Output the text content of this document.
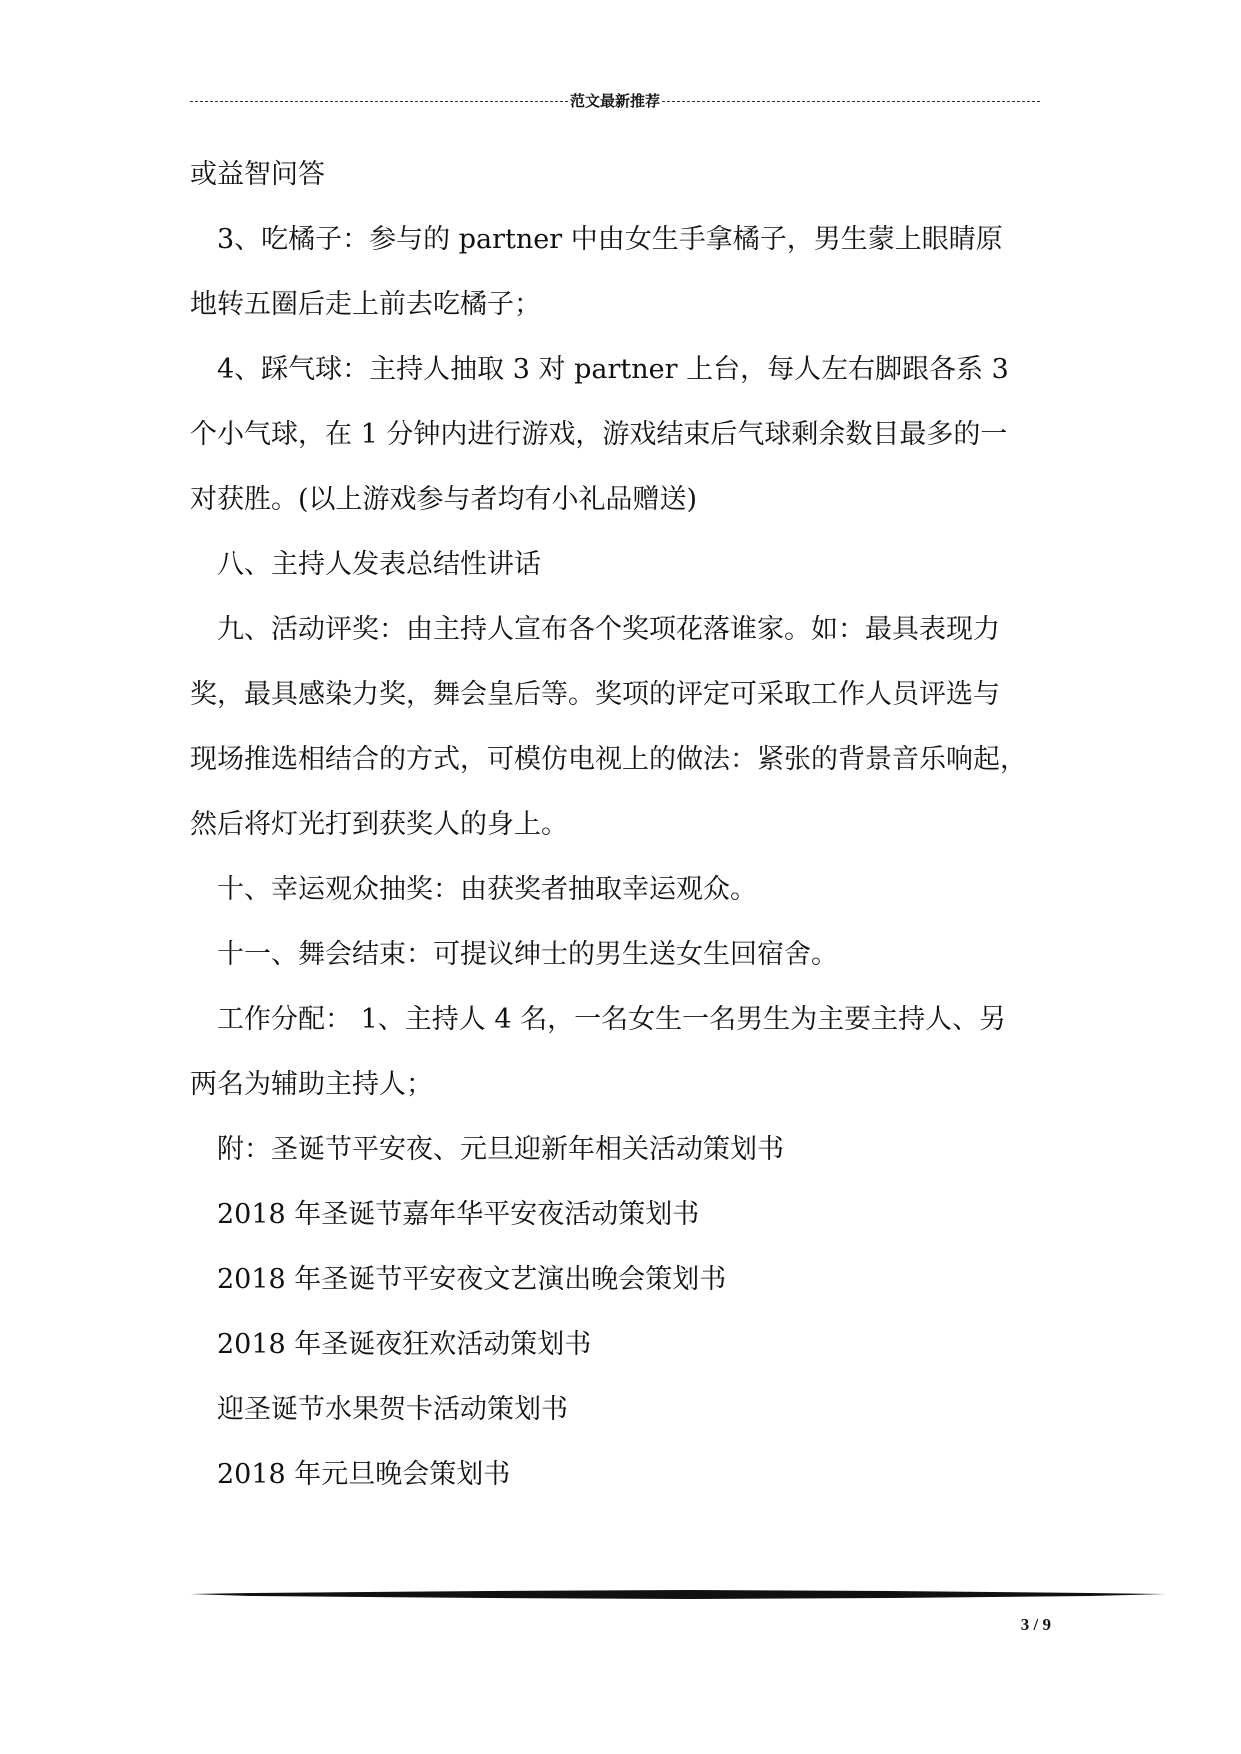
范文最新推荐
或益智问答
3、吃橘子：参与的 partner 中由女生手拿橘子，男生蒙上眼睛原
地转五圈后走上前去吃橘子；
4、踩气球：主持人抽取 3 对 partner 上台，每人左右脚跟各系 3
个小气球，在 1 分钟内进行游戏，游戏结束后气球剩余数目最多的一
对获胜。(以上游戏参与者均有小礼品赠送)
八、主持人发表总结性讲话
九、活动评奖：由主持人宣布各个奖项花落谁家。如：最具表现力
奖，最具感染力奖，舞会皇后等。奖项的评定可采取工作人员评选与
现场推选相结合的方式，可模仿电视上的做法：紧张的背景音乐响起，
然后将灯光打到获奖人的身上。
十、幸运观众抽奖：由获奖者抽取幸运观众。
十一、舞会结束：可提议绅士的男生送女生回宿舍。
工作分配： 1、主持人 4 名，一名女生一名男生为主要主持人、另
两名为辅助主持人；
附：圣诞节平安夜、元旦迎新年相关活动策划书
2018 年圣诞节嘉年华平安夜活动策划书
2018 年圣诞节平安夜文艺演出晚会策划书
2018 年圣诞夜狂欢活动策划书
迎圣诞节水果贺卡活动策划书
2018 年元旦晚会策划书
3 / 9
